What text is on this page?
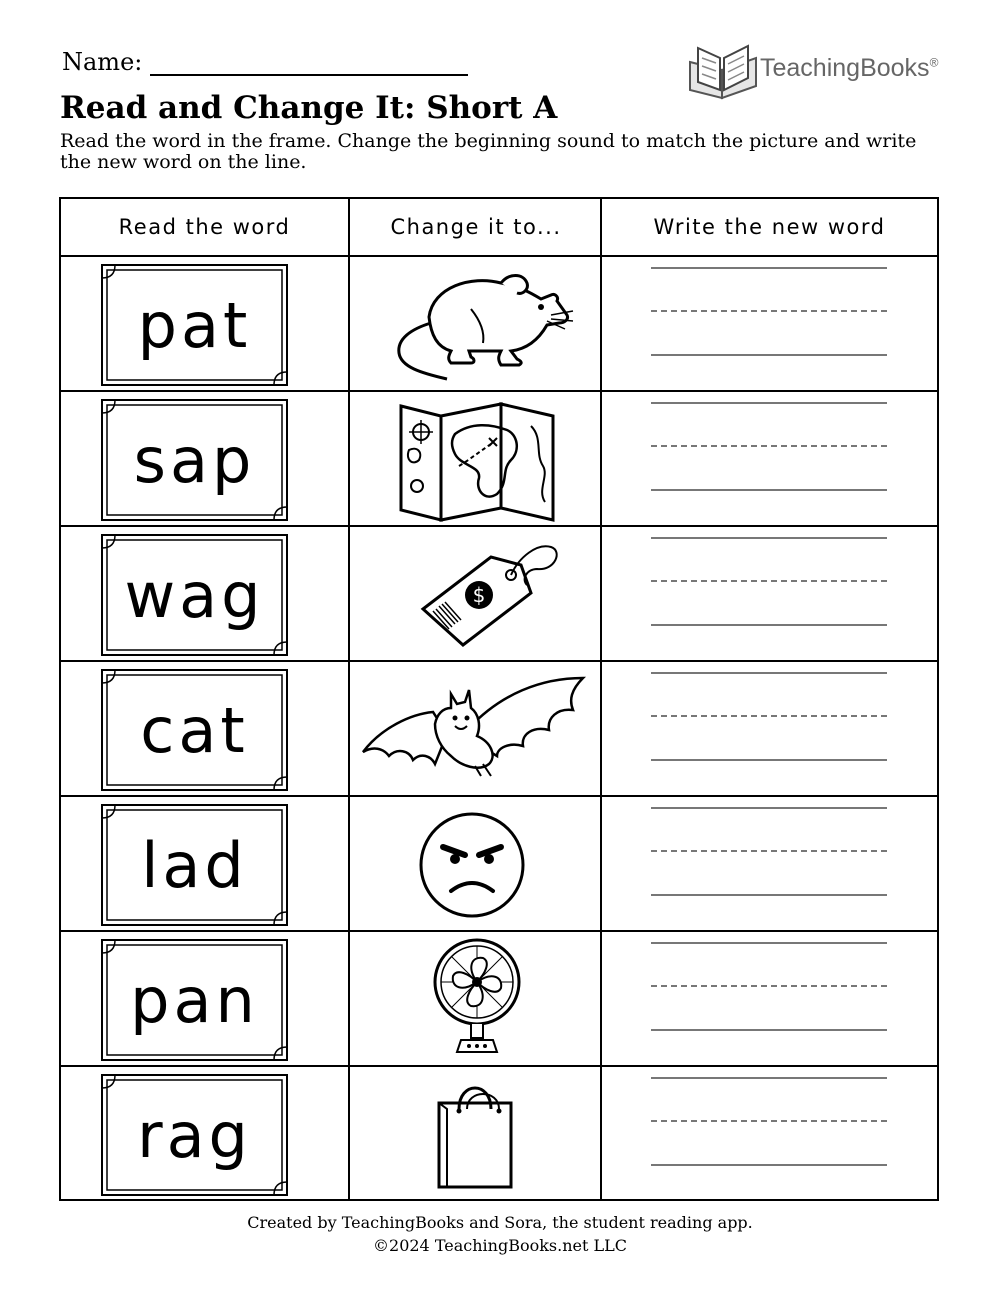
Name:	TeachingBooks®
Read and Change It: Short A
Read the word in the frame. Change the beginning sound to match the picture and write the new word on the line.
Read the word	Change it to...	Write the new word
pat
sap
wag	$
cat
lad
pan
rag
Created by TeachingBooks and Sora, the student reading app.
©2024 TeachingBooks.net LLC
